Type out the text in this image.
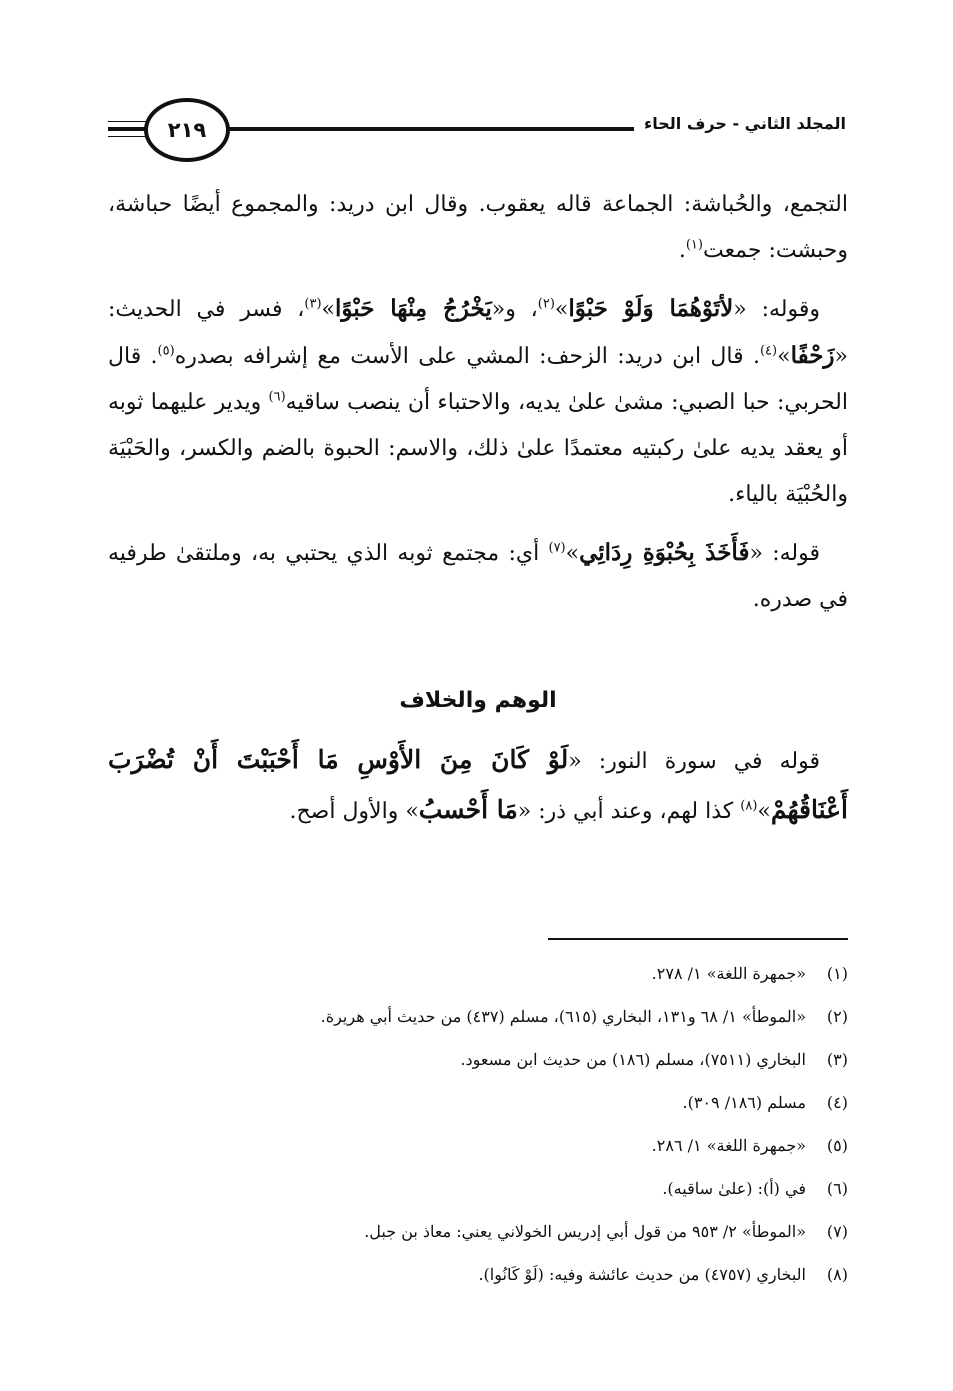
٢١٩	المجلد الثاني - حرف الحاء

التجمع، والحُباشة: الجماعة قاله يعقوب. وقال ابن دريد: والمجموع أيضًا حباشة، وحبشت: جمعت$^{(١)}$.

وقوله: «لأتَوْهُمَا وَلَوْ حَبْوًا»$^{(٢)}$، و«يَخْرُجُ مِنْهَا حَبْوًا»$^{(٣)}$، فسر في الحديث: «زَحْفًا»$^{(٤)}$. قال ابن دريد: الزحف: المشي على الأست مع إشرافه بصدره$^{(٥)}$. قال الحربي: حبا الصبي: مشىٰ علىٰ يديه، والاحتباء أن ينصب ساقيه$^{(٦)}$ ويدير عليهما ثوبه أو يعقد يديه علىٰ ركبتيه معتمدًا علىٰ ذلك، والاسم: الحبوة بالضم والكسر، والحَبْيَة والحُبْيَة بالياء.

قوله: «فَأَخَذَ بِحُبْوَةِ رِدَائِي»$^{(٧)}$ أي: مجتمع ثوبه الذي يحتبي به، وملتقىٰ طرفيه في صدره.

الوهم والخلاف

قوله في سورة النور: «لَوْ كَانَ مِنَ الأَوْسِ مَا أَحْبَبْتَ أَنْ تُضْرَبَ أَعْنَاقُهُمْ»$^{(٨)}$ كذا لهم، وعند أبي ذر: «مَا أَحْسبُ» والأول أصح.

(١)«جمهرة اللغة» ١/ ٢٧٨.
(٢)«الموطأ» ١/ ٦٨ و١٣١، البخاري (٦١٥)، مسلم (٤٣٧) من حديث أبي هريرة.
(٣)البخاري (٧٥١١)، مسلم (١٨٦) من حديث ابن مسعود.
(٤)مسلم (١٨٦/ ٣٠٩).
(٥)«جمهرة اللغة» ١/ ٢٨٦.
(٦)في (أ): (علىٰ ساقيه).
(٧)«الموطأ» ٢/ ٩٥٣ من قول أبي إدريس الخولاني يعني: معاذ بن جبل.
(٨)البخاري (٤٧٥٧) من حديث عائشة وفيه: (لَوْ كَانُوا).
